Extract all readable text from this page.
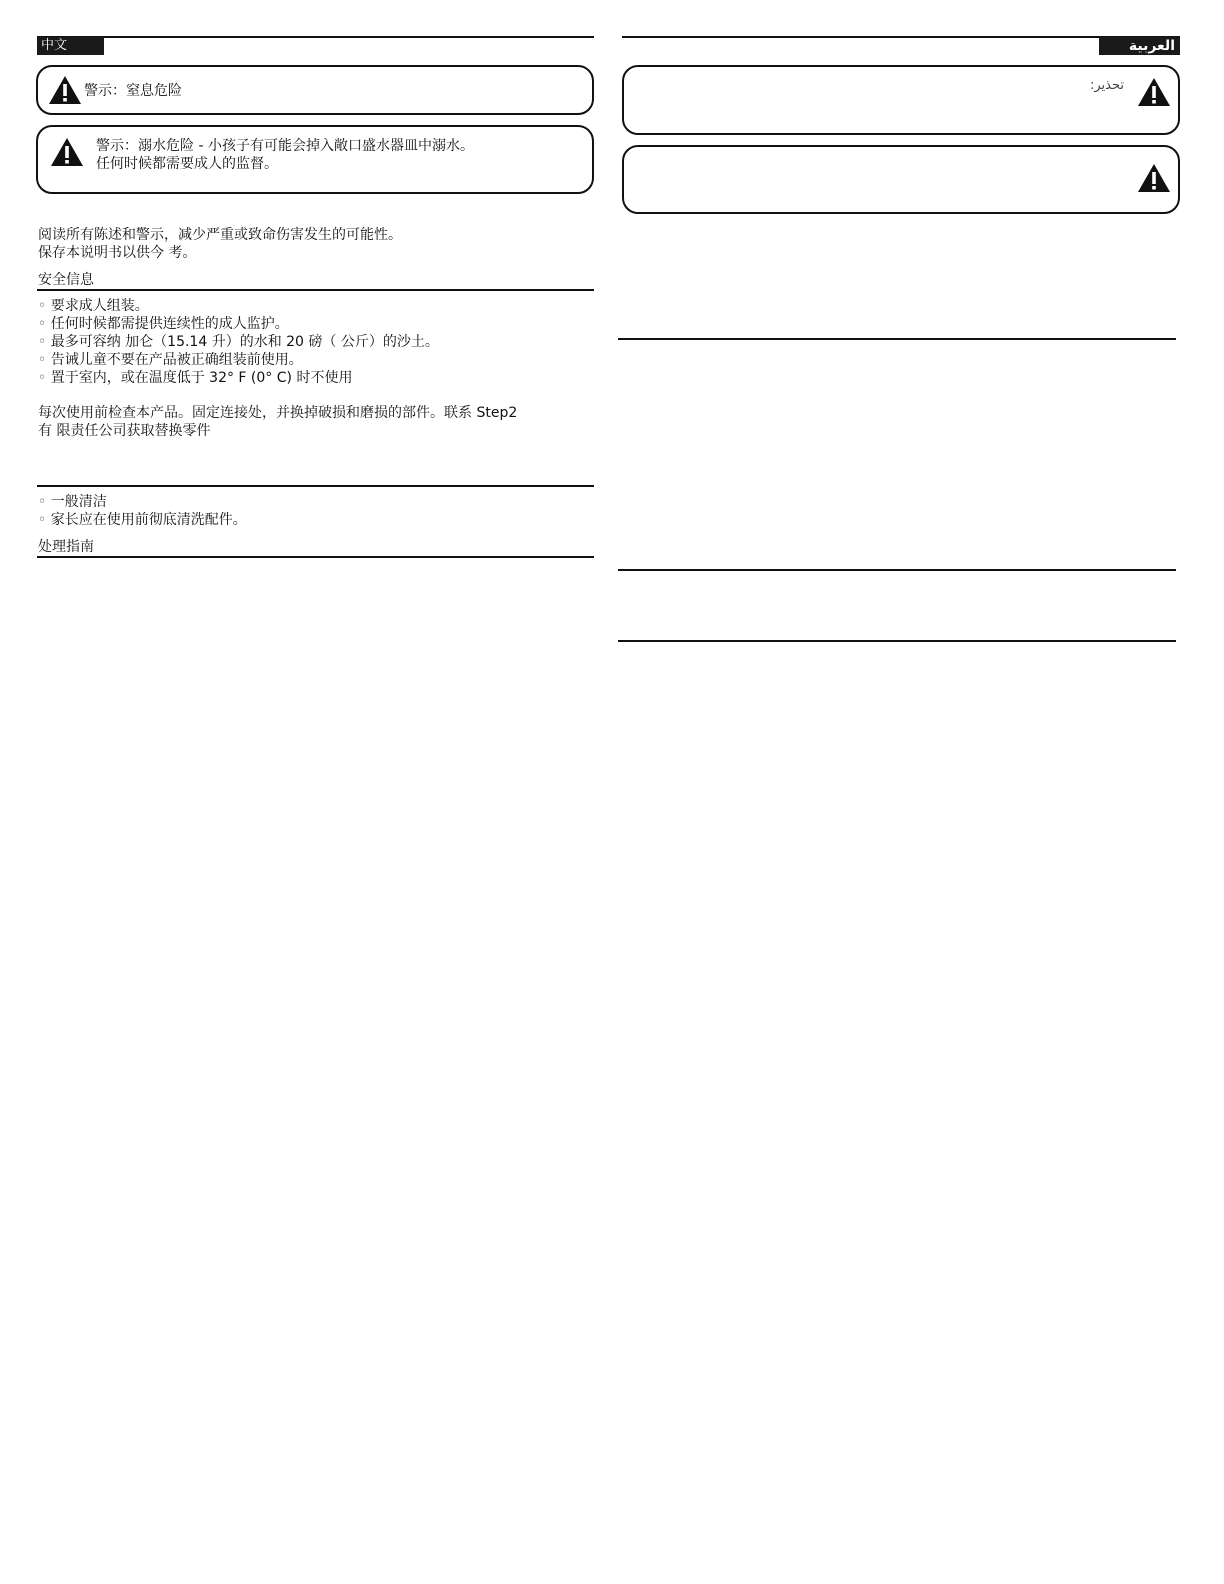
中文
警示：窒息危险
警示：溺水危险 - 小孩子有可能会掉入敞口盛水器皿中溺水。
任何时候都需要成人的监督。
阅读所有陈述和警示，减少严重或致命伤害发生的可能性。
保存本说明书以供今 考。
安全信息
◦ 要求成人组装。
◦ 任何时候都需提供连续性的成人监护。
◦ 最多可容纳 加仑（15.14 升）的水和 20 磅（ 公斤）的沙土。
◦ 告诫儿童不要在产品被正确组装前使用。
◦ 置于室内，或在温度低于 32° F (0° C) 时不使用
每次使用前检查本产品。固定连接处，并换掉破损和磨损的部件。联系 Step2
有 限责任公司获取替换零件
◦ 一般清洁
◦ 家长应在使用前彻底清洗配件。
处理指南
العربية
تحذير:
